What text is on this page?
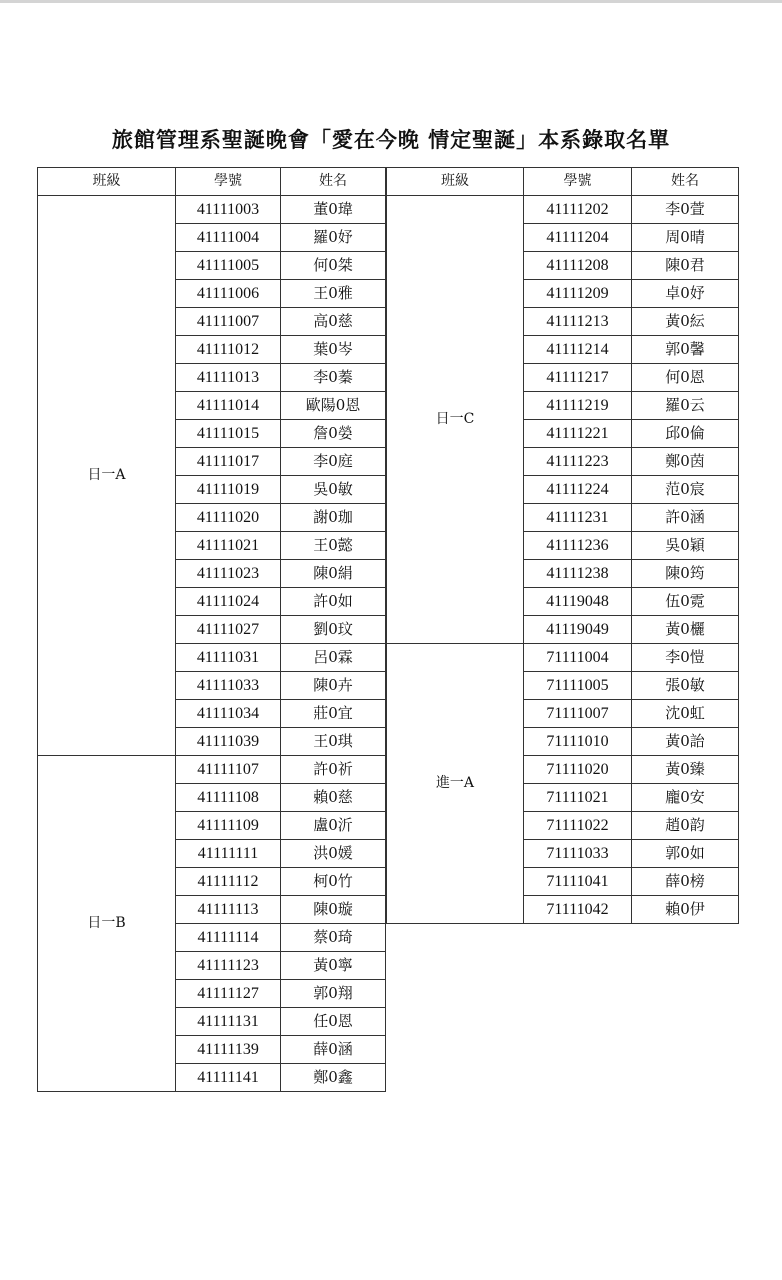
旅館管理系聖誕晚會「愛在今晚 情定聖誕」本系錄取名單
班級	學號	姓名
日一A	41111003	董0瑋
	41111004	羅0妤
	41111005	何0桀
	41111006	王0雅
	41111007	高0慈
	41111012	葉0岑
	41111013	李0蓁
	41111014	歐陽0恩
	41111015	詹0嫈
	41111017	李0庭
	41111019	吳0敏
	41111020	謝0珈
	41111021	王0懿
	41111023	陳0絹
	41111024	許0如
	41111027	劉0玟
	41111031	呂0霖
	41111033	陳0卉
	41111034	莊0宜
	41111039	王0琪
日一B	41111107	許0祈
	41111108	賴0慈
	41111109	盧0沂
	41111111	洪0媛
	41111112	柯0竹
	41111113	陳0璇
	41111114	蔡0琦
	41111123	黃0寧
	41111127	郭0翔
	41111131	任0恩
	41111139	薛0涵
	41111141	鄭0鑫
班級	學號	姓名
日一C	41111202	李0萱
	41111204	周0晴
	41111208	陳0君
	41111209	卓0妤
	41111213	黃0紜
	41111214	郭0馨
	41111217	何0恩
	41111219	羅0云
	41111221	邱0倫
	41111223	鄭0茵
	41111224	范0宸
	41111231	許0涵
	41111236	吳0穎
	41111238	陳0筠
	41119048	伍0霓
	41119049	黃0欐
進一A	71111004	李0愷
	71111005	張0敏
	71111007	沈0虹
	71111010	黃0詒
	71111020	黃0臻
	71111021	龐0安
	71111022	趙0韵
	71111033	郭0如
	71111041	薛0榜
	71111042	賴0伊
